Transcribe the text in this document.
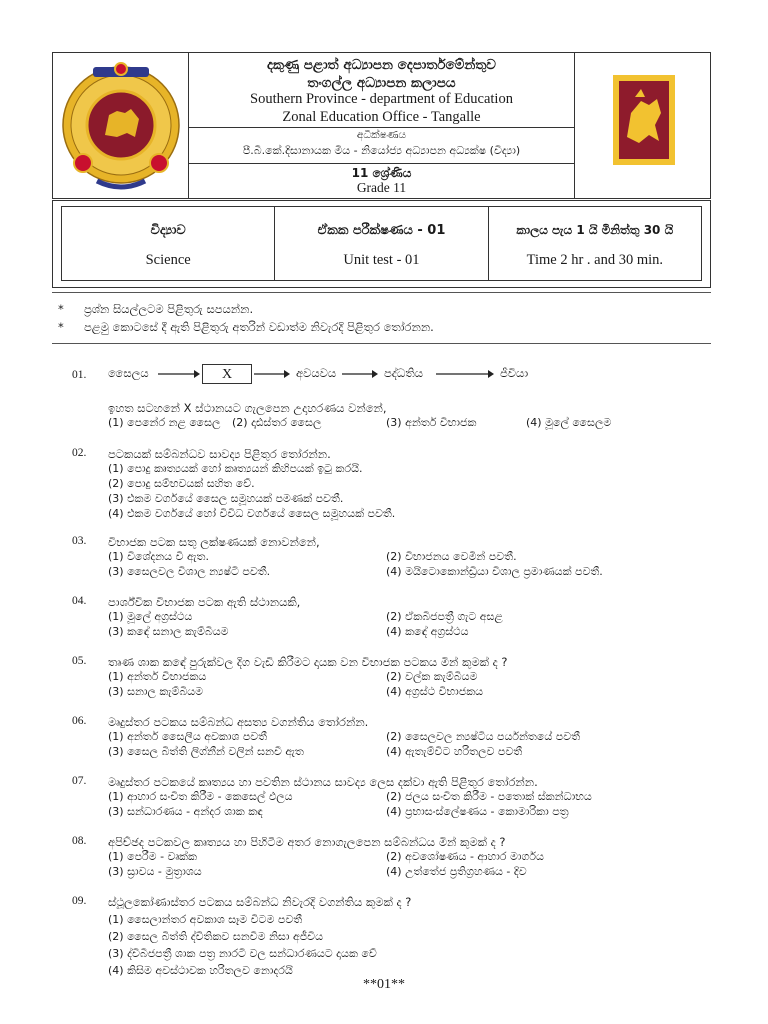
දකුණු පළාත් අධ්‍යාපන දෙපාර්තමේන්තුව
තංගල්ල අධ්‍යාපන කලාපය
Southern Province - department of Education
Zonal Education Office - Tangalle
අධීක්ෂණය
පී.බී.කේ.දිසානායක මිය - නියෝජ්‍ය අධ්‍යාපන අධ්‍යක්ෂ (විද්‍යා)
11 ශ්‍රේණිය
Grade 11
විද්‍යාව
Science
ඒකක පරීක්ෂණය - 01
Unit test - 01
කාලය පැය 1 යි මිනිත්තු 30 යි
Time 2 hr . and 30 min.
* ප්‍රශ්න සියල්ලටම පිළිතුරු සපයන්න.
* පළමු කොටසේ දී ඇති පිළිතුරු අතරින් වඩාත්ම නිවැරදි පිළිතුර තෝරනන.
01. සෛලය	X	අවයවය	පද්ධතිය	ජීවියා
ඉහත සටහනේ X ස්ථානයට ගැලපෙන උදාහරණය වන්නේ,
(1) පෙනේර නළ සෛල (2) දෘඪස්තර සෛල	(3) අන්තර් විභාජක	(4) මූලේ සෛලම
02. පටකයක් සම්බන්ධව සාවද්‍ය පිළිතුර තෝරන්න.
(1) පොදු කෘත්‍යයක් හෝ කෘත්‍යයන් කිහිපයක් ඉටු කරයි.
(2) පොදු සම්භවයක් සහිත වේ.
(3) එකම වර්ගයේ සෛල සමූහයක් පමණක් පවතී.
(4) එකම වර්ගයේ හෝ විවිධ වර්ගයේ සෛල සමූහයක් පවතී.
03. විභාජක පටක සතු ලක්ෂණයක් නොවන්නේ,
(1) විශේදනය වී ඇත.	(2) විභාජනය වෙමින් පවතී.
(3) සෛලවල විශාල න්‍යෂ්ටි පවතී.	(4) මයිටොකොන්ඩ්‍රියා විශාල ප්‍රමාණයක් පවතී.
04. පාර්ශ්වික විභාජක පටක ඇති ස්ථානයකි,
(1) මූලේ අග්‍රස්ථය	(2) ඒකබීජපත්‍රී ගැට අසළ
(3) කඳේ සනාල කැම්බියම	(4) කඳේ අග්‍රස්ථය
05. තෘණ ශාක කඳේ පුරුක්වල දිග වැඩි කිරීමට දායක වන විභාජක පටකය මින් කුමක් ද ?
(1) අන්තර් විභාජකය	(2) වල්ක කැම්බියම
(3) සනාල කැම්බියම	(4) අග්‍රස්ථ විභාජකය
06. මෘදුස්තර පටකය සම්බන්ධ අසත්‍ය වගන්තිය තෝරන්න.
(1) අන්තර් සෛලීය අවකාශ පවතී	(2) සෛලවල න්‍යෂ්ටිය පර්යන්තයේ පවතී
(3) සෛල බිත්ති ලිග්නීන් වලින් ඝනවී ඇත	(4) ඇතැම්විට හරිතලව පවතී
07. මෘදුස්තර පටකයේ කෘත්‍යය හා පවතින ස්ථානය සාවද්‍ය ලෙස දක්වා ඇති පිළිතුර තෝරන්න.
(1) ආහාර සංචිත කිරීම - කෙසෙල් ඵලය	(2) ජලය සංචිත කිරීම - පතොක් ස්කන්ධාභය
(3) සන්ධාරණය - අන්දර ශාක කඳ	(4) ප්‍රභාසංස්ලේෂණය - කොමාරිකා පත්‍ර
08. අපිච්ඡද පටකවල කෘත්‍යය හා පිහිටීම අතර නොගැලපෙන සම්බන්ධය මින් කුමක් ද ?
(1) පෙරීම - වෘක්ක	(2) අවශෝෂණය - ආහාර මාර්ගය
(3) ස්‍රාවය - මුත්‍රාශය	(4) උත්තේජ ප්‍රතිග්‍රහණය - දිව
09. ස්ථූලකෝණාස්තර පටකය සම්බන්ධ නිවැරදි වගන්තිය කුමක් ද ?
(1) සෛලාන්තර අවකාශ සෑම විටම පවතී
(2) සෛල බිත්ති ද්විතිකව ඝනවීම නිසා අජීවිය
(3) ද්විබීජපත්‍රී ශාක පත්‍ර නාරටි වල සන්ධාරණයට දායක වේ
(4) කිසිම අවස්ථාවක හරිතලව නොදරයි
**01**
